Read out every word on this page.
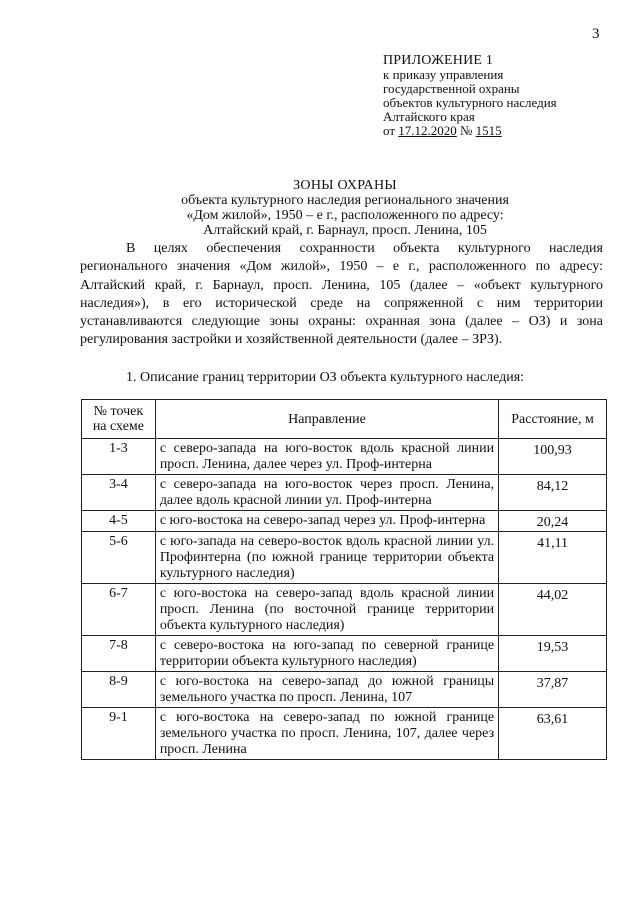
3
ПРИЛОЖЕНИЕ 1
к приказу управления
государственной охраны
объектов культурного наследия
Алтайского края
от 17.12.2020 № 1515
ЗОНЫ ОХРАНЫ
объекта культурного наследия регионального значения
«Дом жилой», 1950 – е г., расположенного по адресу:
Алтайский край, г. Барнаул, просп. Ленина, 105

В целях обеспечения сохранности объекта культурного наследия регионального значения «Дом жилой», 1950 – е г., расположенного по адресу: Алтайский край, г. Барнаул, просп. Ленина, 105 (далее – «объект культурного наследия»), в его исторической среде на сопряженной с ним территории устанавливаются следующие зоны охраны: охранная зона (далее – ОЗ) и зона регулирования застройки и хозяйственной деятельности (далее – ЗРЗ).

1. Описание границ территории ОЗ объекта культурного наследия:
№ точек
на схеме	Направление	Расстояние, м
1-3	с северо-запада на юго-восток вдоль красной линии просп. Ленина, далее через ул. Проф-интерна	100,93
3-4	с северо-запада на юго-восток через просп. Ленина, далее вдоль красной линии ул. Проф-интерна	84,12
4-5	с юго-востока на северо-запад через ул. Проф-интерна	20,24
5-6	с юго-запада на северо-восток вдоль красной линии ул. Профинтерна (по южной границе территории объекта культурного наследия)	41,11
6-7	с юго-востока на северо-запад вдоль красной линии просп. Ленина (по восточной границе территории объекта культурного наследия)	44,02
7-8	с северо-востока на юго-запад по северной границе территории объекта культурного наследия)	19,53
8-9	с юго-востока на северо-запад до южной границы земельного участка по просп. Ленина, 107	37,87
9-1	с юго-востока на северо-запад по южной границе земельного участка по просп. Ленина, 107, далее через просп. Ленина	63,61
